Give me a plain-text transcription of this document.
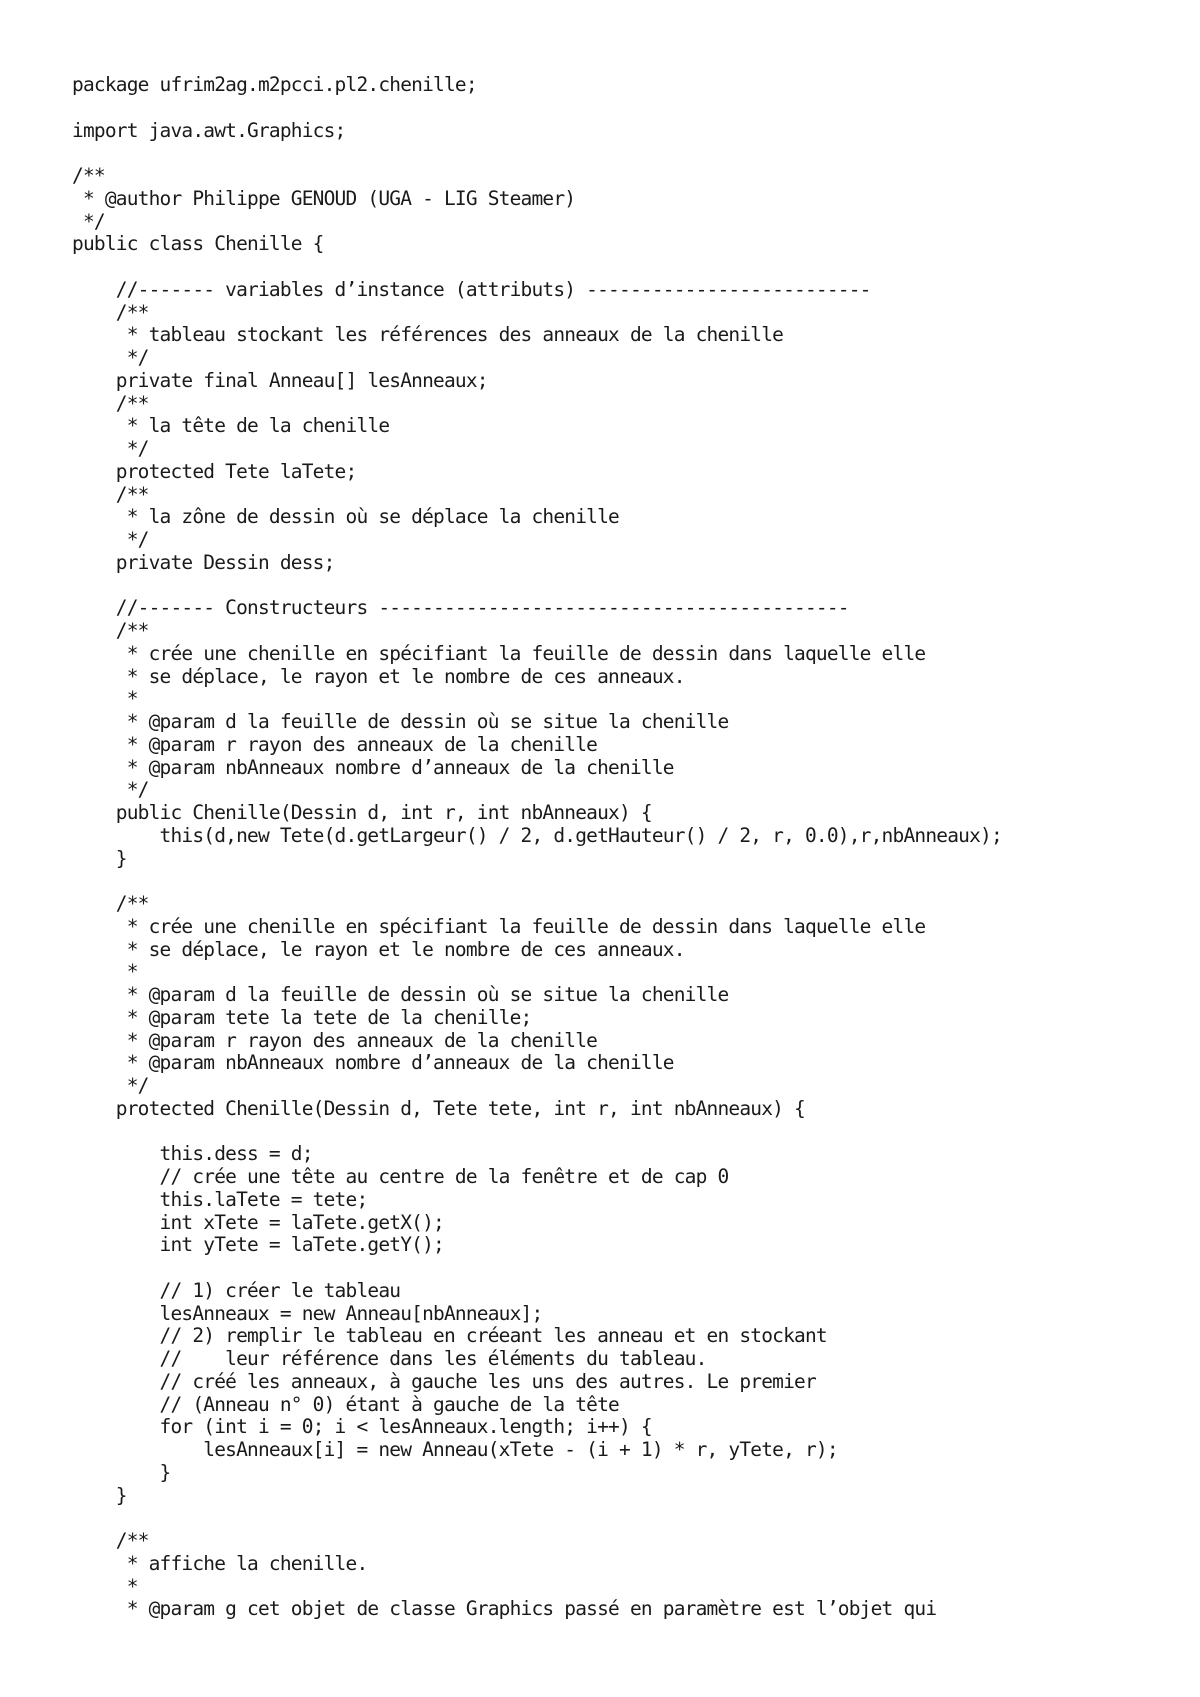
package ufrim2ag.m2pcci.pl2.chenille;

import java.awt.Graphics;

/**
* @author Philippe GENOUD (UGA - LIG Steamer)
*/
public class Chenille {

//------- variables d’instance (attributs) --------------------------
/**
* tableau stockant les références des anneaux de la chenille
*/
private final Anneau[] lesAnneaux;
/**
* la tête de la chenille
*/
protected Tete laTete;
/**
* la zône de dessin où se déplace la chenille
*/
private Dessin dess;

//------- Constructeurs -------------------------------------------
/**
* crée une chenille en spécifiant la feuille de dessin dans laquelle elle
* se déplace, le rayon et le nombre de ces anneaux.
*
* @param d la feuille de dessin où se situe la chenille
* @param r rayon des anneaux de la chenille
* @param nbAnneaux nombre d’anneaux de la chenille
*/
public Chenille(Dessin d, int r, int nbAnneaux) {
this(d,new Tete(d.getLargeur() / 2, d.getHauteur() / 2, r, 0.0),r,nbAnneaux);
}

/**
* crée une chenille en spécifiant la feuille de dessin dans laquelle elle
* se déplace, le rayon et le nombre de ces anneaux.
*
* @param d la feuille de dessin où se situe la chenille
* @param tete la tete de la chenille;
* @param r rayon des anneaux de la chenille
* @param nbAnneaux nombre d’anneaux de la chenille
*/
protected Chenille(Dessin d, Tete tete, int r, int nbAnneaux) {

this.dess = d;
// crée une tête au centre de la fenêtre et de cap 0
this.laTete = tete;
int xTete = laTete.getX();
int yTete = laTete.getY();

// 1) créer le tableau
lesAnneaux = new Anneau[nbAnneaux];
// 2) remplir le tableau en créeant les anneau et en stockant
//    leur référence dans les éléments du tableau.
// créé les anneaux, à gauche les uns des autres. Le premier
// (Anneau n° 0) étant à gauche de la tête
for (int i = 0; i < lesAnneaux.length; i++) {
lesAnneaux[i] = new Anneau(xTete - (i + 1) * r, yTete, r);
}
}

/**
* affiche la chenille.
*
* @param g cet objet de classe Graphics passé en paramètre est l’objet qui
